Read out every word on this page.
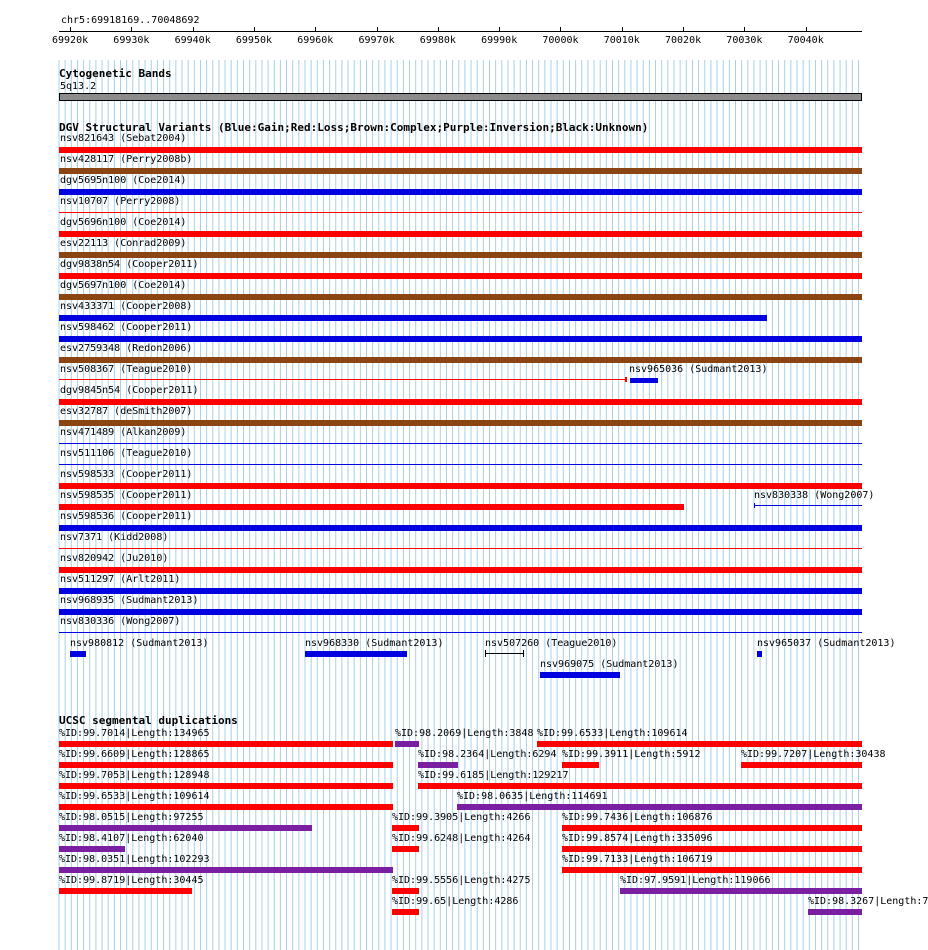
chr5:69918169..70048692
69920k	69930k	69940k	69950k	69960k	69970k	69980k	69990k	70000k	70010k	70020k	70030k	70040k
Cytogenetic Bands
5q13.2
DGV Structural Variants (Blue:Gain;Red:Loss;Brown:Complex;Purple:Inversion;Black:Unknown)
nsv821643 (Sebat2004)
nsv428117 (Perry2008b)
dgv5695n100 (Coe2014)
nsv10707 (Perry2008)
dgv5696n100 (Coe2014)
esv22113 (Conrad2009)
dgv9838n54 (Cooper2011)
dgv5697n100 (Coe2014)
nsv433371 (Cooper2008)
nsv598462 (Cooper2011)
esv2759348 (Redon2006)
nsv508367 (Teague2010)	nsv965036 (Sudmant2013)
dgv9845n54 (Cooper2011)
esv32787 (deSmith2007)
nsv471489 (Alkan2009)
nsv511106 (Teague2010)
nsv598533 (Cooper2011)
nsv598535 (Cooper2011)	nsv830338 (Wong2007)
nsv598536 (Cooper2011)
nsv7371 (Kidd2008)
nsv820942 (Ju2010)
nsv511297 (Arlt2011)
nsv968935 (Sudmant2013)
nsv830336 (Wong2007)
nsv980812 (Sudmant2013)	nsv968330 (Sudmant2013)	nsv507260 (Teague2010)	nsv965037 (Sudmant2013)
nsv969075 (Sudmant2013)
UCSC segmental duplications
%ID:99.7014|Length:134965	%ID:98.2069|Length:3848 %ID:99.6533|Length:109614
%ID:99.6609|Length:128865	%ID:98.2364|Length:6294 %ID:99.3911|Length:5912	%ID:99.7207|Length:30438
%ID:99.7053|Length:128948	%ID:99.6185|Length:129217
%ID:99.6533|Length:109614	%ID:98.0635|Length:114691
%ID:98.0515|Length:97255	%ID:99.3905|Length:4266	%ID:99.7436|Length:106876
%ID:98.4107|Length:62040	%ID:99.6248|Length:4264	%ID:99.8574|Length:335096
%ID:98.0351|Length:102293	%ID:99.7133|Length:106719
%ID:99.8719|Length:30445	%ID:99.5556|Length:4275	%ID:97.9591|Length:119066
%ID:99.65|Length:4286	%ID:98.3267|Length:7
